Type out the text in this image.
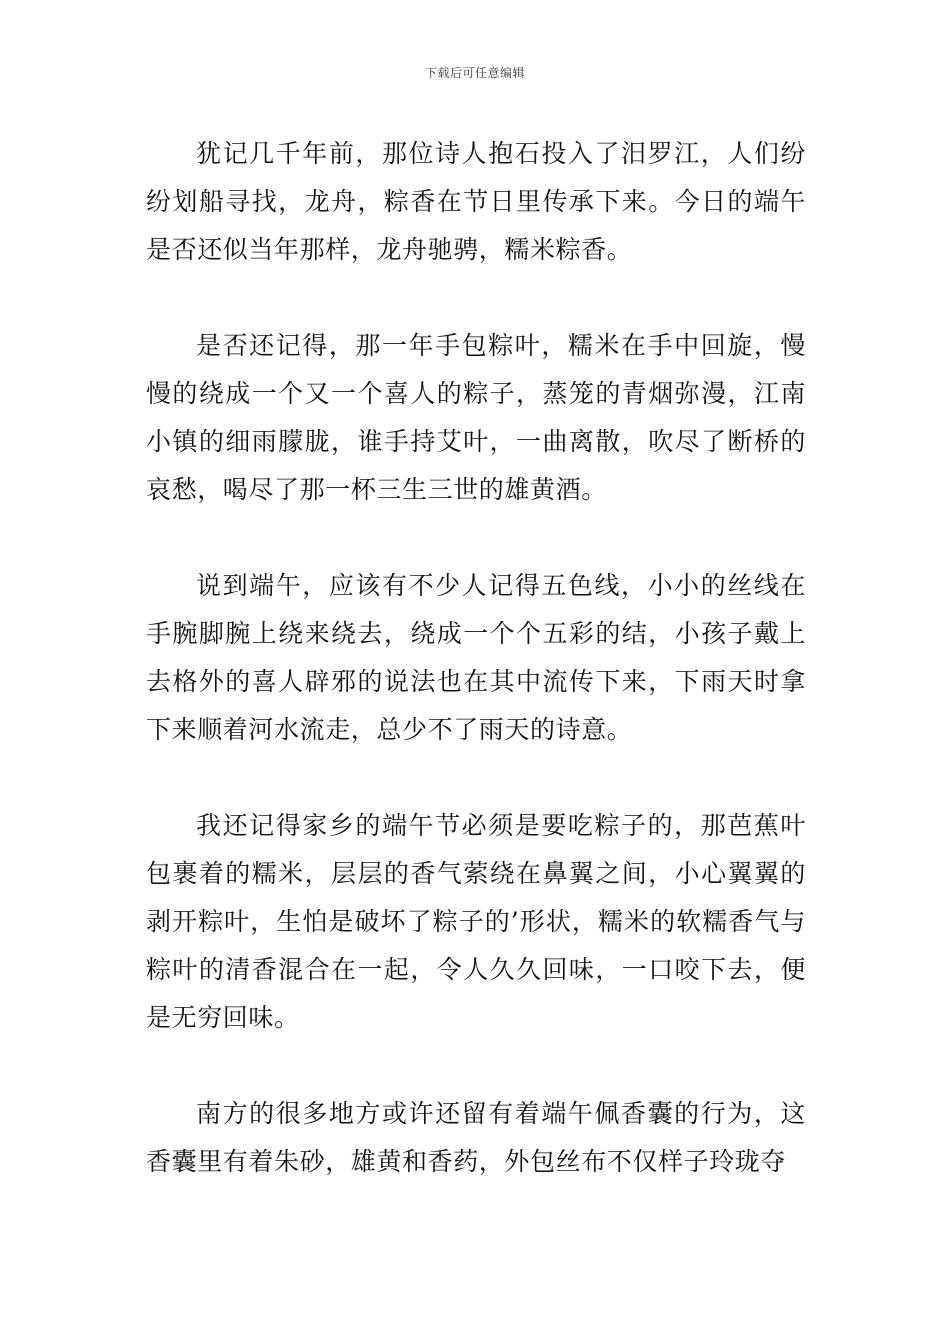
下载后可任意编辑

犹记几千年前，那位诗人抱石投入了汨罗江，人们纷纷划船寻找，龙舟，粽香在节日里传承下来。今日的端午是否还似当年那样，龙舟驰骋，糯米粽香。

是否还记得，那一年手包粽叶，糯米在手中回旋，慢慢的绕成一个又一个喜人的粽子，蒸笼的青烟弥漫，江南小镇的细雨朦胧，谁手持艾叶，一曲离散，吹尽了断桥的哀愁，喝尽了那一杯三生三世的雄黄酒。

说到端午，应该有不少人记得五色线，小小的丝线在手腕脚腕上绕来绕去，绕成一个个五彩的结，小孩子戴上去格外的喜人辟邪的说法也在其中流传下来，下雨天时拿下来顺着河水流走，总少不了雨天的诗意。

我还记得家乡的端午节必须是要吃粽子的，那芭蕉叶包裹着的糯米，层层的香气萦绕在鼻翼之间，小心翼翼的剥开粽叶，生怕是破坏了粽子的’形状，糯米的软糯香气与粽叶的清香混合在一起，令人久久回味，一口咬下去，便是无穷回味。

南方的很多地方或许还留有着端午佩香囊的行为，这香囊里有着朱砂，雄黄和香药，外包丝布不仅样子玲珑夺
